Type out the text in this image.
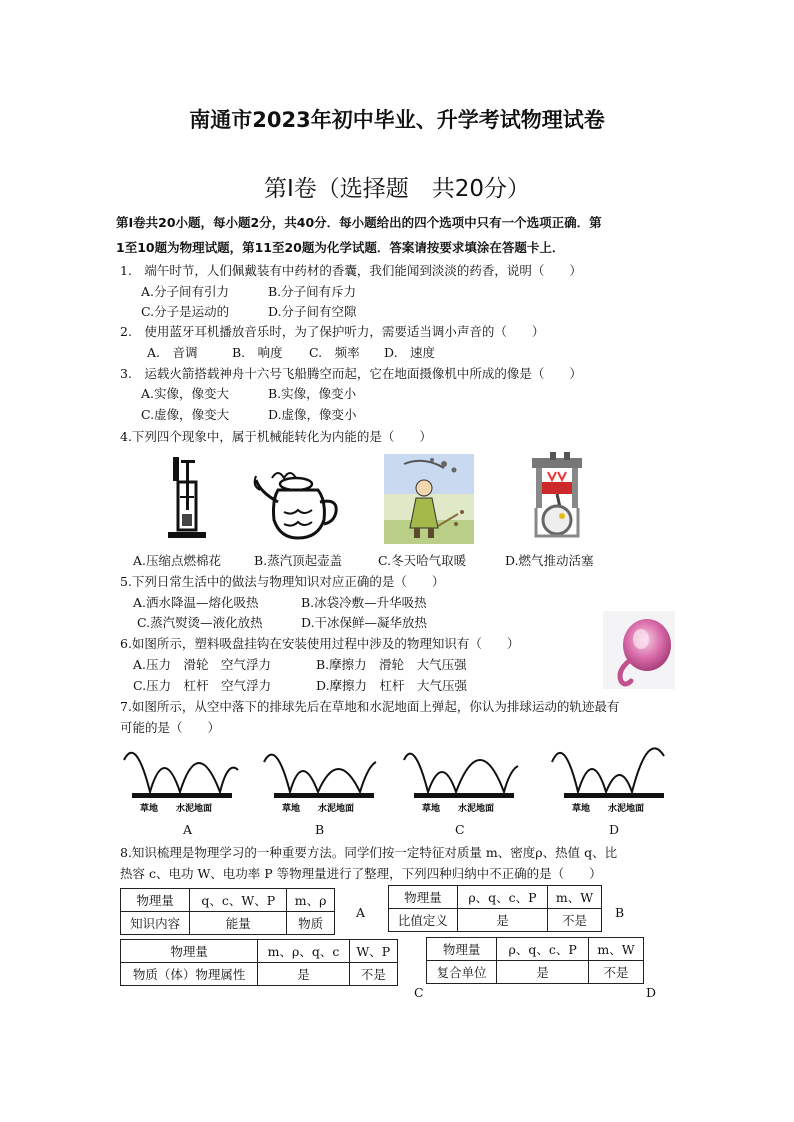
南通市2023年初中毕业、升学考试物理试卷
第Ⅰ卷（选择题　共20分）
第Ⅰ卷共20小题，每小题2分，共40分．每小题给出的四个选项中只有一个选项正确．第
1至10题为物理试题，第11至20题为化学试题．答案请按要求填涂在答题卡上．
1.　端午时节，人们佩戴装有中药材的香囊，我们能闻到淡淡的药香，说明（　　）
A.分子间有引力	B.分子间有斥力
C.分子是运动的	D.分子间有空隙
2.　使用蓝牙耳机播放音乐时，为了保护听力，需要适当调小声音的（　　）
A.　音调	B.　响度 C.　频率 D.　速度
3.　运载火箭搭载神舟十六号飞船腾空而起，它在地面摄像机中所成的像是（　　）
A.实像，像变大	B.实像，像变小
C.虚像，像变大	D.虚像，像变小
4.下列四个现象中，属于机械能转化为内能的是（　　）
A.压缩点燃棉花	B.蒸汽顶起壶盖	C.冬天哈气取暖	D.燃气推动活塞
5.下列日常生活中的做法与物理知识对应正确的是（　　）
A.洒水降温—熔化吸热	B.冰袋冷敷—升华吸热
C.蒸汽熨烫—液化放热	D.干冰保鲜—凝华放热
6.如图所示，塑料吸盘挂钩在安装使用过程中涉及的物理知识有（　　）
A.压力　滑轮　空气浮力	B.摩擦力　滑轮　大气压强
C.压力　杠杆　空气浮力	D.摩擦力　杠杆　大气压强
7.如图所示，从空中落下的排球先后在草地和水泥地面上弹起，你认为排球运动的轨迹最有
可能的是（　　）
草地 水泥地面	草地 水泥地面	草地 水泥地面	草地 水泥地面
A	B	C	D
8.知识梳理是物理学习的一种重要方法。同学们按一定特征对质量 m、密度ρ、热值 q、比
热容 c、电功 W、电功率 P 等物理量进行了整理，下列四种归纳中不正确的是（　　）
物理量	q、c、W、P	m、ρ
知识内容	能量	物质
A
物理量	ρ、q、c、P	m、W
比值定义	是	不是
B
物理量	m、ρ、q、c	W、P
物质（体）物理属性	是	不是
C
物理量	ρ、q、c、P	m、W
复合单位	是	不是
D
